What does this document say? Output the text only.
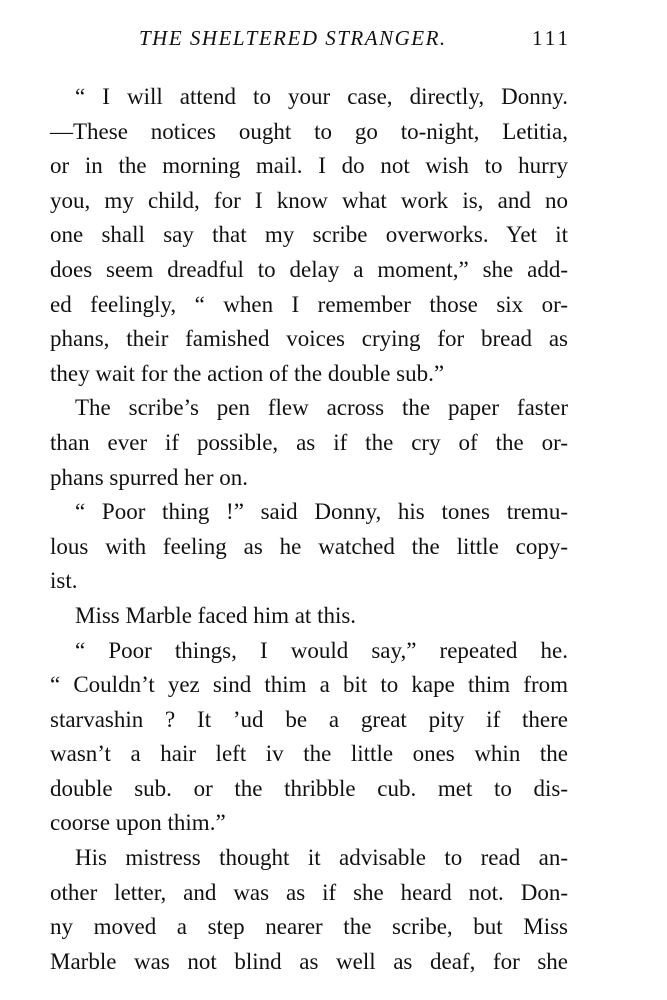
THE SHELTERED STRANGER.	111
“ I will attend to your case, directly, Donny.
—These notices ought to go to-night, Letitia,
or in the morning mail. I do not wish to hurry
you, my child, for I know what work is, and no
one shall say that my scribe overworks. Yet it
does seem dreadful to delay a moment,” she add-
ed feelingly, “ when I remember those six or-
phans, their famished voices crying for bread as
they wait for the action of the double sub.”
The scribe’s pen flew across the paper faster
than ever if possible, as if the cry of the or-
phans spurred her on.
“ Poor thing !” said Donny, his tones tremu-
lous with feeling as he watched the little copy-
ist.
Miss Marble faced him at this.
“ Poor things, I would say,” repeated he.
“ Couldn’t yez sind thim a bit to kape thim from
starvashin ? It ’ud be a great pity if there
wasn’t a hair left iv the little ones whin the
double sub. or the thribble cub. met to dis-
coorse upon thim.”
His mistress thought it advisable to read an-
other letter, and was as if she heard not. Don-
ny moved a step nearer the scribe, but Miss
Marble was not blind as well as deaf, for she
